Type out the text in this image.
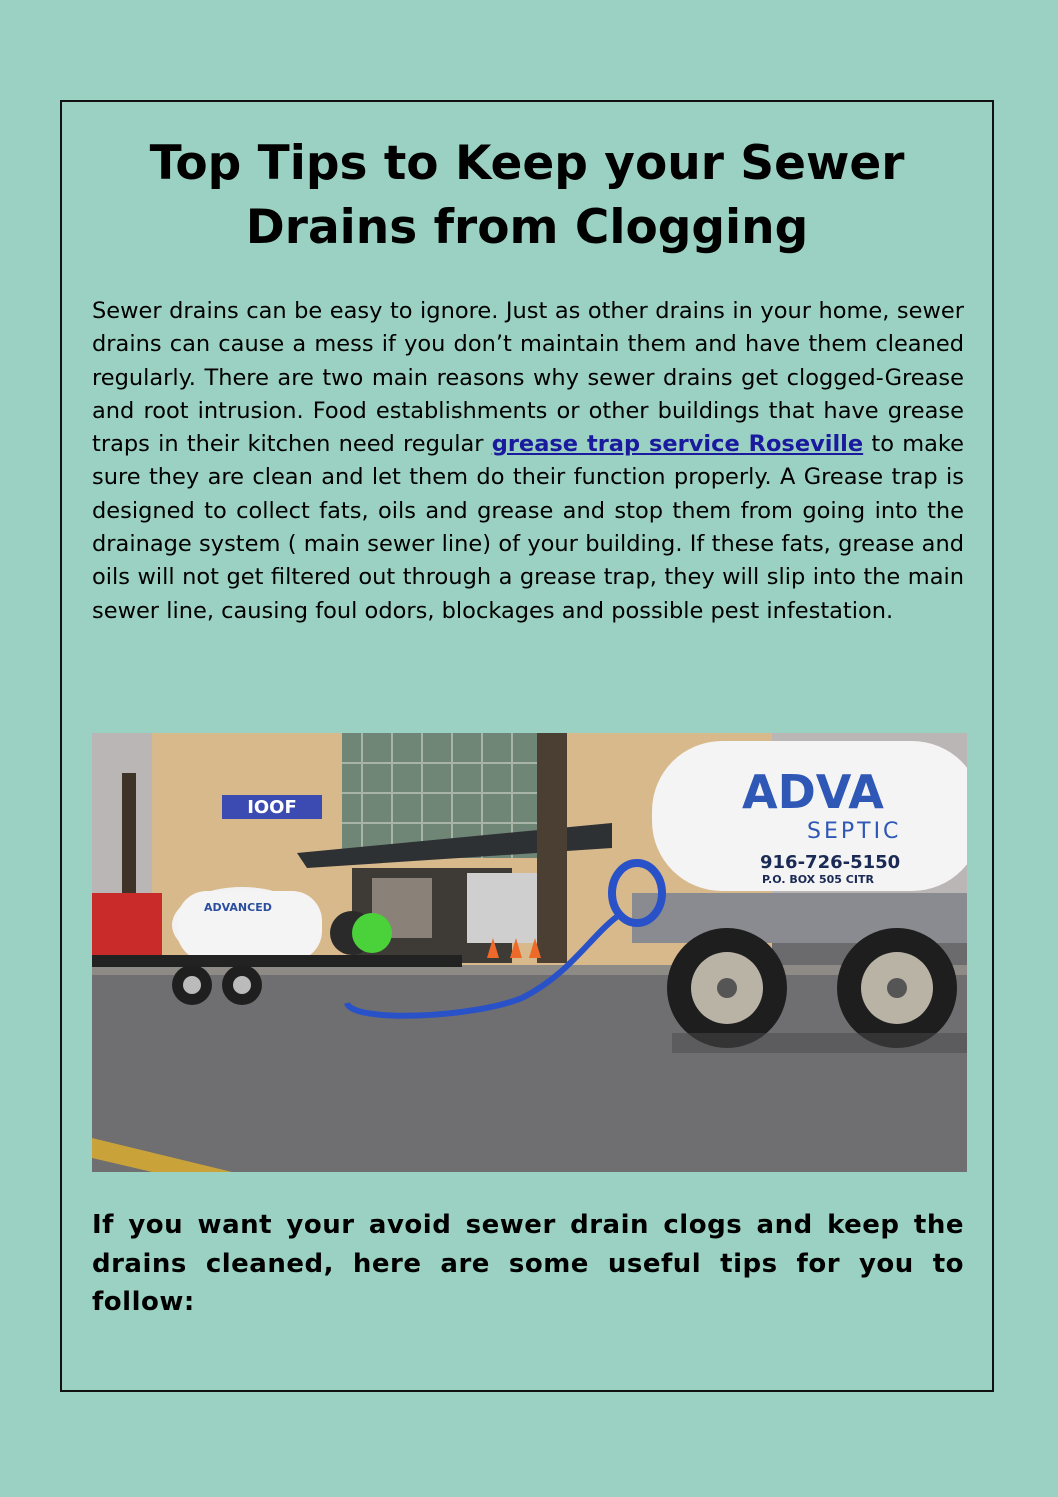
Top Tips to Keep your Sewer
Drains from Clogging

Sewer drains can be easy to ignore. Just as other drains in your home, sewer drains can cause a mess if you don’t maintain them and have them cleaned regularly. There are two main reasons why sewer drains get clogged-Grease and root intrusion. Food establishments or other buildings that have grease traps in their kitchen need regular grease trap service Roseville to make sure they are clean and let them do their function properly. A Grease trap is designed to collect fats, oils and grease and stop them from going into the drainage system ( main sewer line) of your building. If these fats, grease and oils will not get filtered out through a grease trap, they will slip into the main sewer line, causing foul odors, blockages and possible pest infestation.

IOOF
ADVANCED
ADVA
SEPTIC
916-726-5150
P.O. BOX 505 CITR

If you want your avoid sewer drain clogs and keep the drains cleaned, here are some useful tips for you to follow:
